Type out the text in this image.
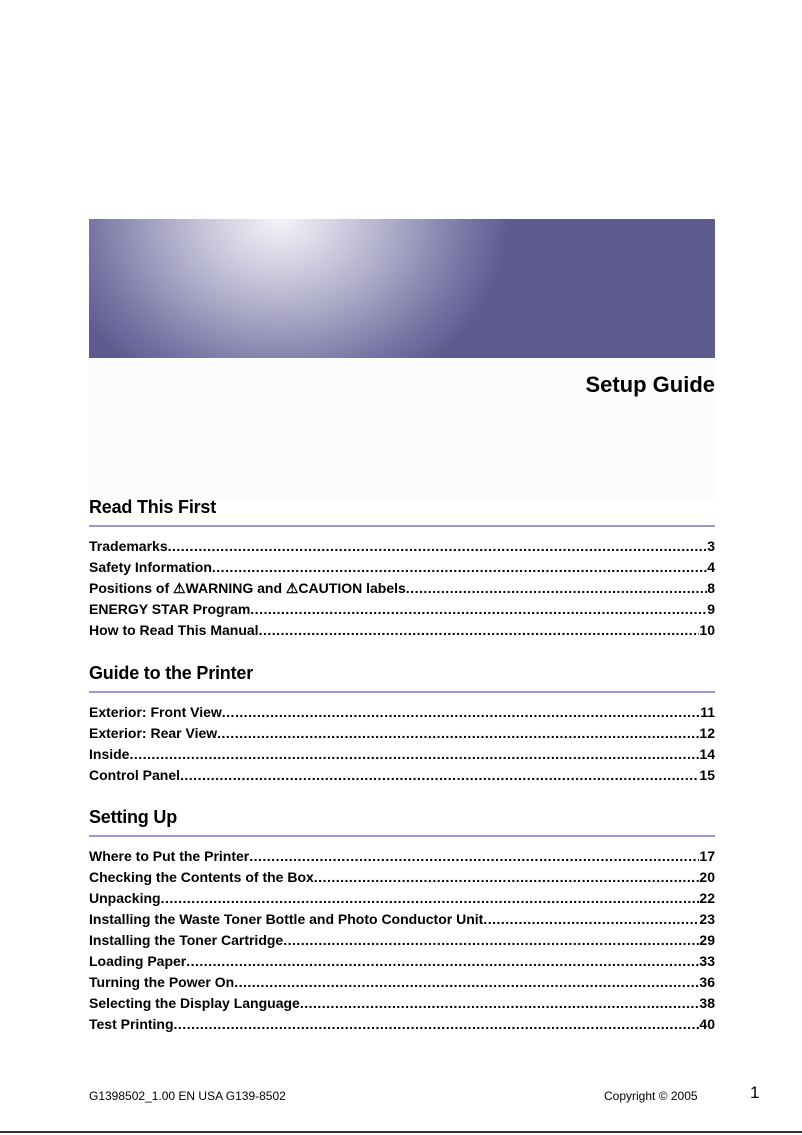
Setup Guide
Read This First
Trademarks .....	3
Safety Information .....	4
Positions of ⚠WARNING and ⚠CAUTION labels .....	8
ENERGY STAR Program .....	9
How to Read This Manual .....	10
Guide to the Printer
Exterior: Front View .....	11
Exterior: Rear View .....	12
Inside .....	14
Control Panel .....	15
Setting Up
Where to Put the Printer .....	17
Checking the Contents of the Box .....	20
Unpacking .....	22
Installing the Waste Toner Bottle and Photo Conductor Unit .....	23
Installing the Toner Cartridge .....	29
Loading Paper .....	33
Turning the Power On .....	36
Selecting the Display Language .....	38
Test Printing .....	40
G1398502_1.00 EN USA G139-8502	Copyright © 2005	1
